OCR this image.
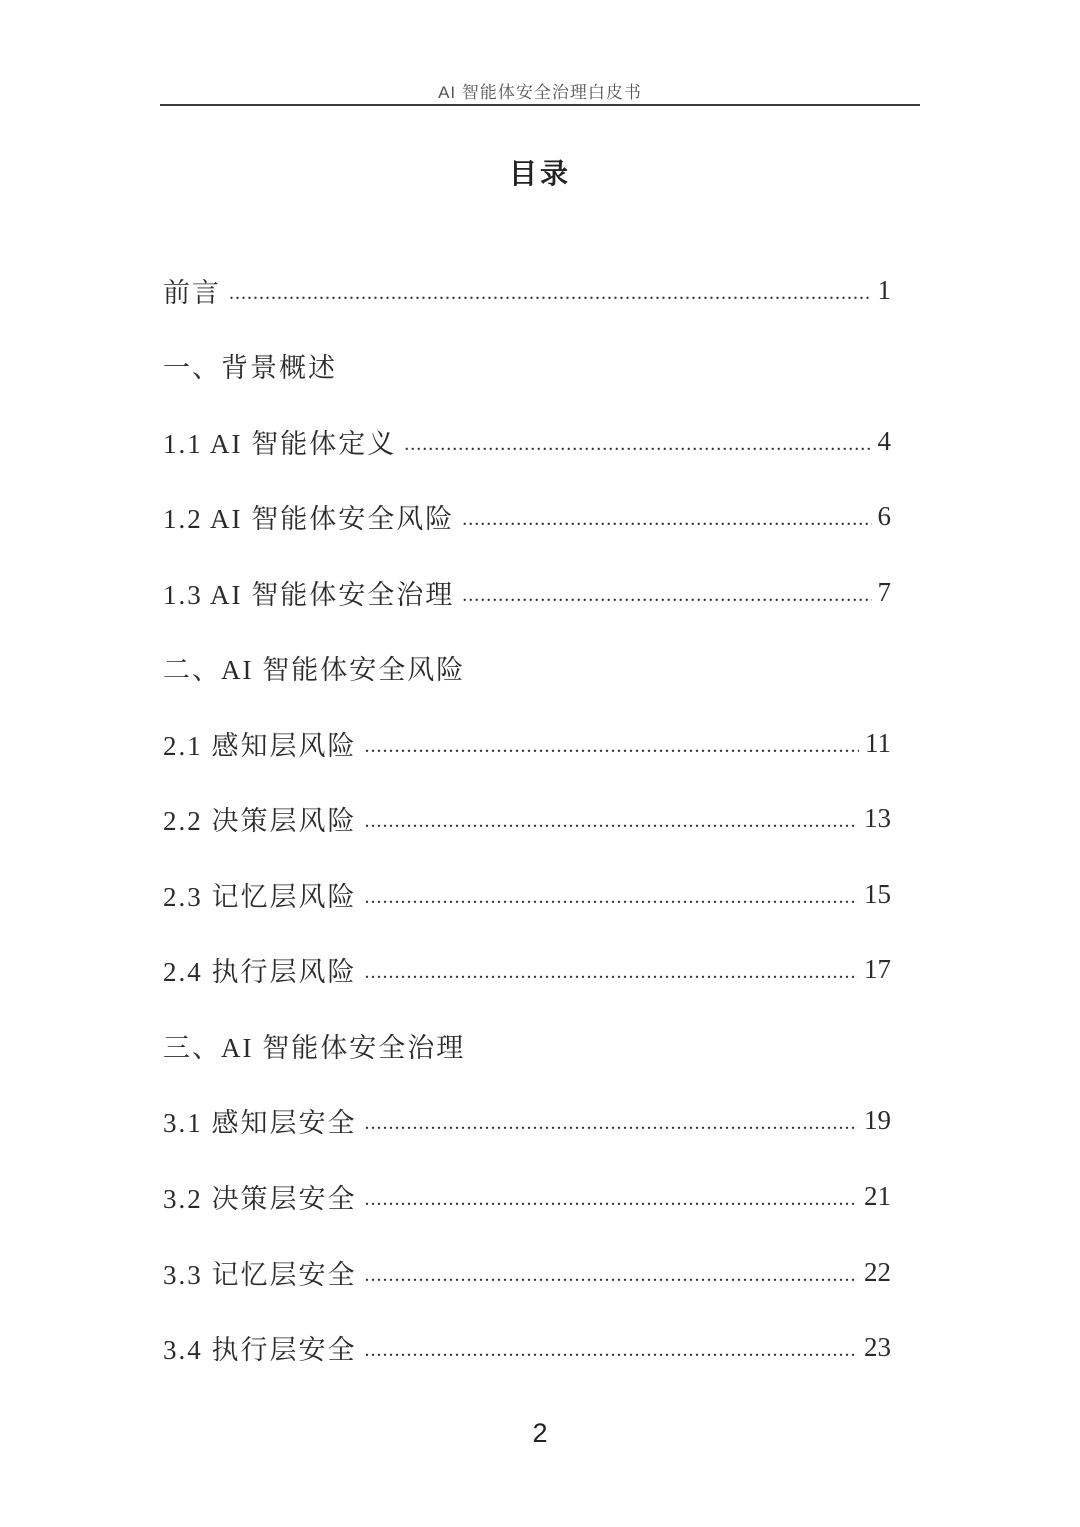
AI 智能体安全治理白皮书
目录
前言 .....	1
一、背景概述
1.1 AI 智能体定义 .....	4
1.2 AI 智能体安全风险 .....	6
1.3 AI 智能体安全治理 .....	7
二、AI 智能体安全风险
2.1 感知层风险 .....	11
2.2 决策层风险 .....	13
2.3 记忆层风险 .....	15
2.4 执行层风险 .....	17
三、AI 智能体安全治理
3.1 感知层安全 .....	19
3.2 决策层安全 .....	21
3.3 记忆层安全 .....	22
3.4 执行层安全 .....	23
2
